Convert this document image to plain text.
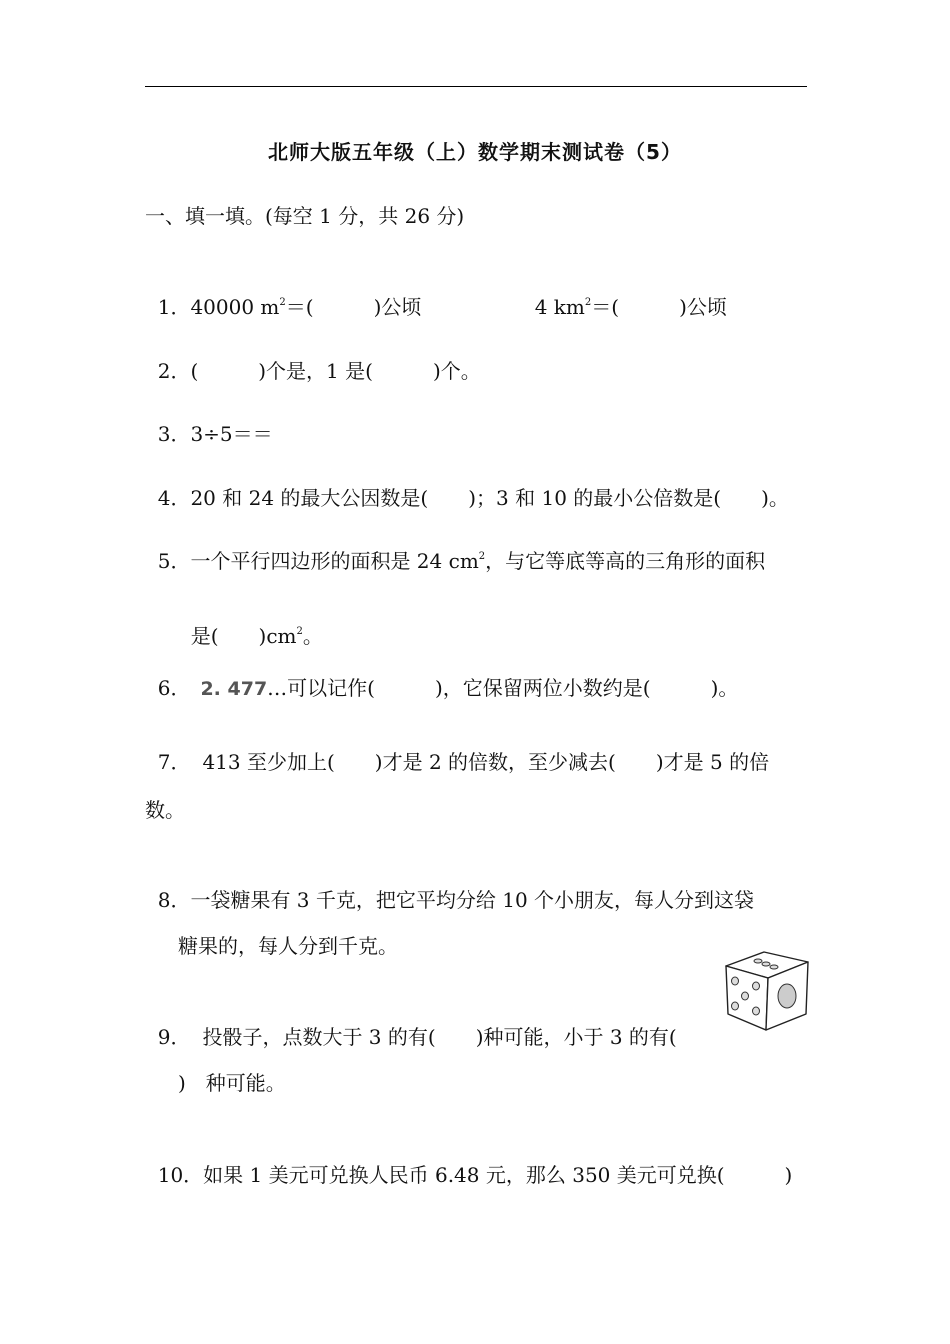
北师大版五年级（上）数学期末测试卷（5）
一、填一填。(每空 1 分，共 26 分)

1．40000 $m^2=$(　　　)公顷	4 $km^2=$(　　　)公顷

2．(　　　)个是，1 是(　　　)个。

3．3÷5＝＝

4．20 和 24 的最大公因数是(　　)；3 和 10 的最小公倍数是(　　)。

5．一个平行四边形的面积是 24 $cm^2$，与它等底等高的三角形的面积

是(　　)$cm^2$。

6． 2. 477…可以记作(　　　)，它保留两位小数约是(　　　)。

7． 413 至少加上(　　)才是 2 的倍数，至少减去(　　)才是 5 的倍

数。

8．一袋糖果有 3 千克，把它平均分给 10 个小朋友，每人分到这袋

糖果的，每人分到千克。

9． 投骰子，点数大于 3 的有(　　)种可能，小于 3 的有(

)　种可能。

10．如果 1 美元可兑换人民币 6.48 元，那么 350 美元可兑换(　　　)
